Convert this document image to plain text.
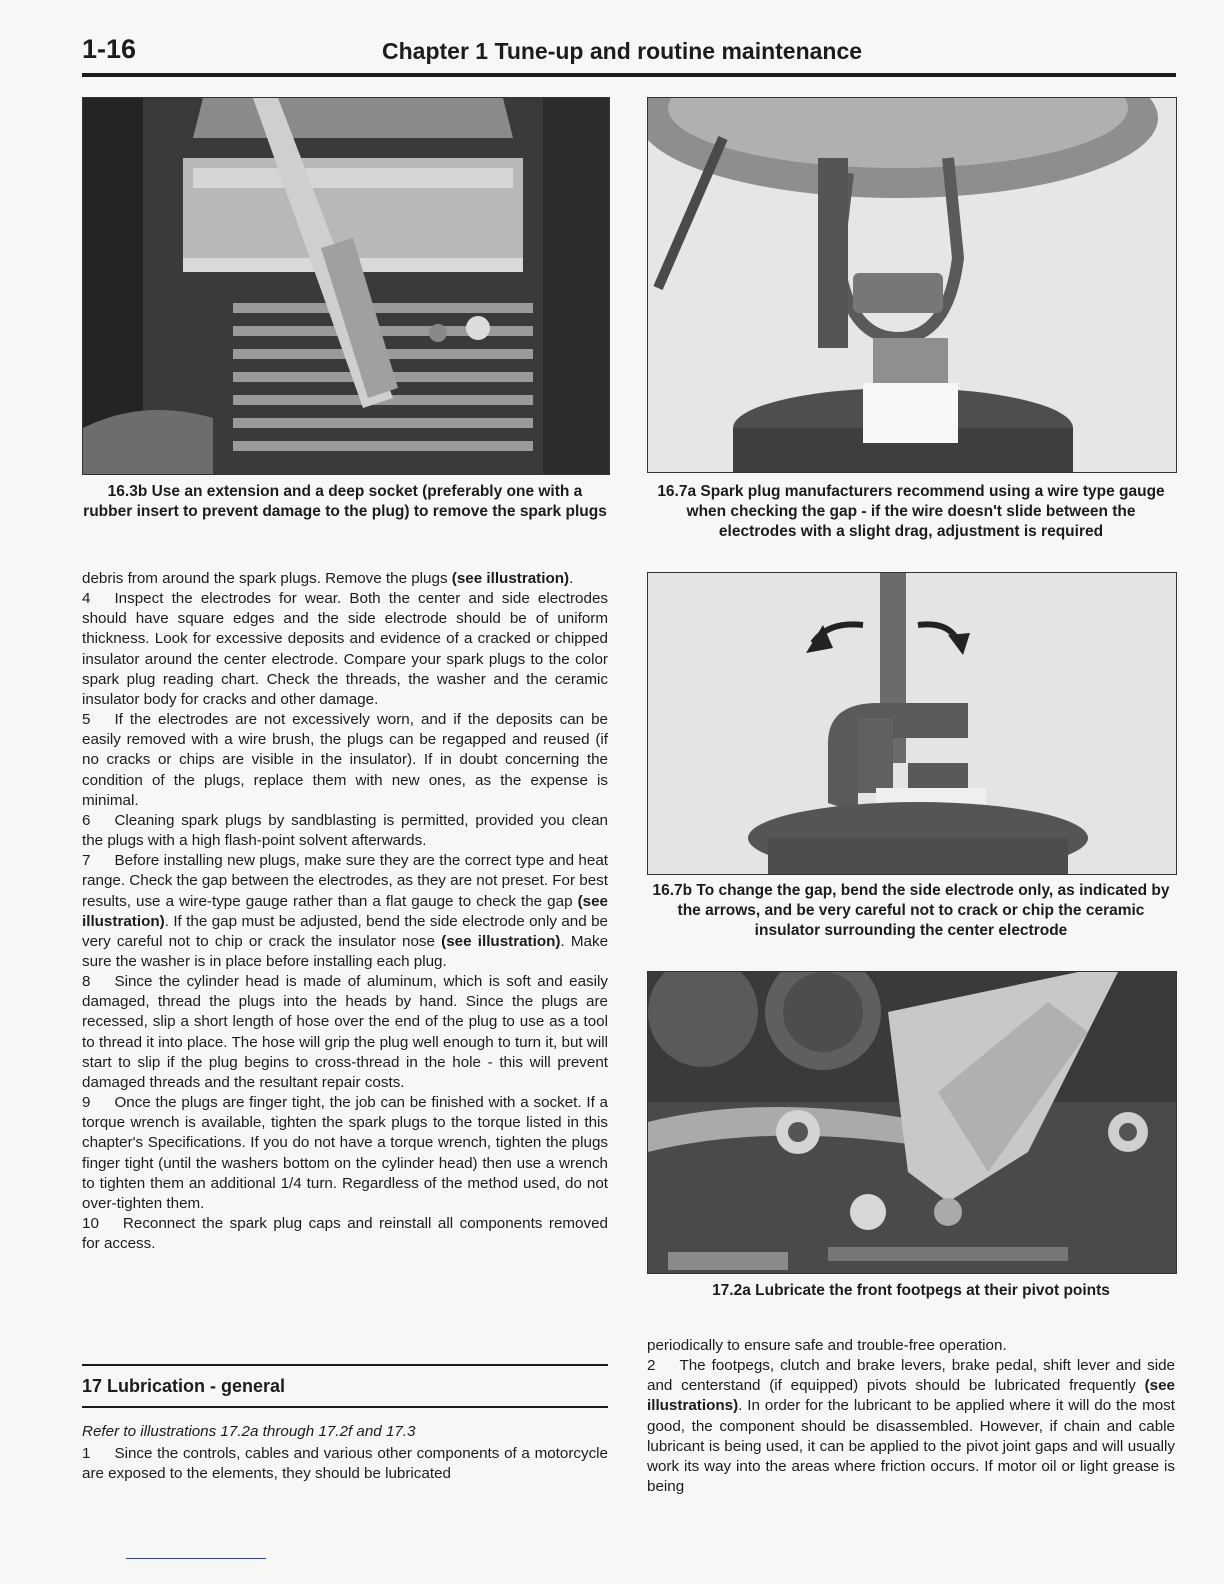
1-16	Chapter 1 Tune-up and routine maintenance
16.3b Use an extension and a deep socket (preferably one with a rubber insert to prevent damage to the plug) to remove the spark plugs
16.7a Spark plug manufacturers recommend using a wire type gauge when checking the gap - if the wire doesn't slide between the electrodes with a slight drag, adjustment is required
16.7b To change the gap, bend the side electrode only, as indicated by the arrows, and be very careful not to crack or chip the ceramic insulator surrounding the center electrode
17.2a Lubricate the front footpegs at their pivot points

debris from around the spark plugs. Remove the plugs (see illustration).

4 Inspect the electrodes for wear. Both the center and side electrodes should have square edges and the side electrode should be of uniform thickness. Look for excessive deposits and evidence of a cracked or chipped insulator around the center electrode. Compare your spark plugs to the color spark plug reading chart. Check the threads, the washer and the ceramic insulator body for cracks and other damage.

5 If the electrodes are not excessively worn, and if the deposits can be easily removed with a wire brush, the plugs can be regapped and reused (if no cracks or chips are visible in the insulator). If in doubt concerning the condition of the plugs, replace them with new ones, as the expense is minimal.

6 Cleaning spark plugs by sandblasting is permitted, provided you clean the plugs with a high flash-point solvent afterwards.

7 Before installing new plugs, make sure they are the correct type and heat range. Check the gap between the electrodes, as they are not preset. For best results, use a wire-type gauge rather than a flat gauge to check the gap (see illustration). If the gap must be adjusted, bend the side electrode only and be very careful not to chip or crack the insulator nose (see illustration). Make sure the washer is in place before installing each plug.

8 Since the cylinder head is made of aluminum, which is soft and easily damaged, thread the plugs into the heads by hand. Since the plugs are recessed, slip a short length of hose over the end of the plug to use as a tool to thread it into place. The hose will grip the plug well enough to turn it, but will start to slip if the plug begins to cross-thread in the hole - this will prevent damaged threads and the resultant repair costs.

9 Once the plugs are finger tight, the job can be finished with a socket. If a torque wrench is available, tighten the spark plugs to the torque listed in this chapter's Specifications. If you do not have a torque wrench, tighten the plugs finger tight (until the washers bottom on the cylinder head) then use a wrench to tighten them an additional 1/4 turn. Regardless of the method used, do not over-tighten them.

10 Reconnect the spark plug caps and reinstall all components removed for access.

17 Lubrication - general
Refer to illustrations 17.2a through 17.2f and 17.3

1 Since the controls, cables and various other components of a motorcycle are exposed to the elements, they should be lubricated

periodically to ensure safe and trouble-free operation.

2 The footpegs, clutch and brake levers, brake pedal, shift lever and side and centerstand (if equipped) pivots should be lubricated frequently (see illustrations). In order for the lubricant to be applied where it will do the most good, the component should be disassembled. However, if chain and cable lubricant is being used, it can be applied to the pivot joint gaps and will usually work its way into the areas where friction occurs. If motor oil or light grease is being
